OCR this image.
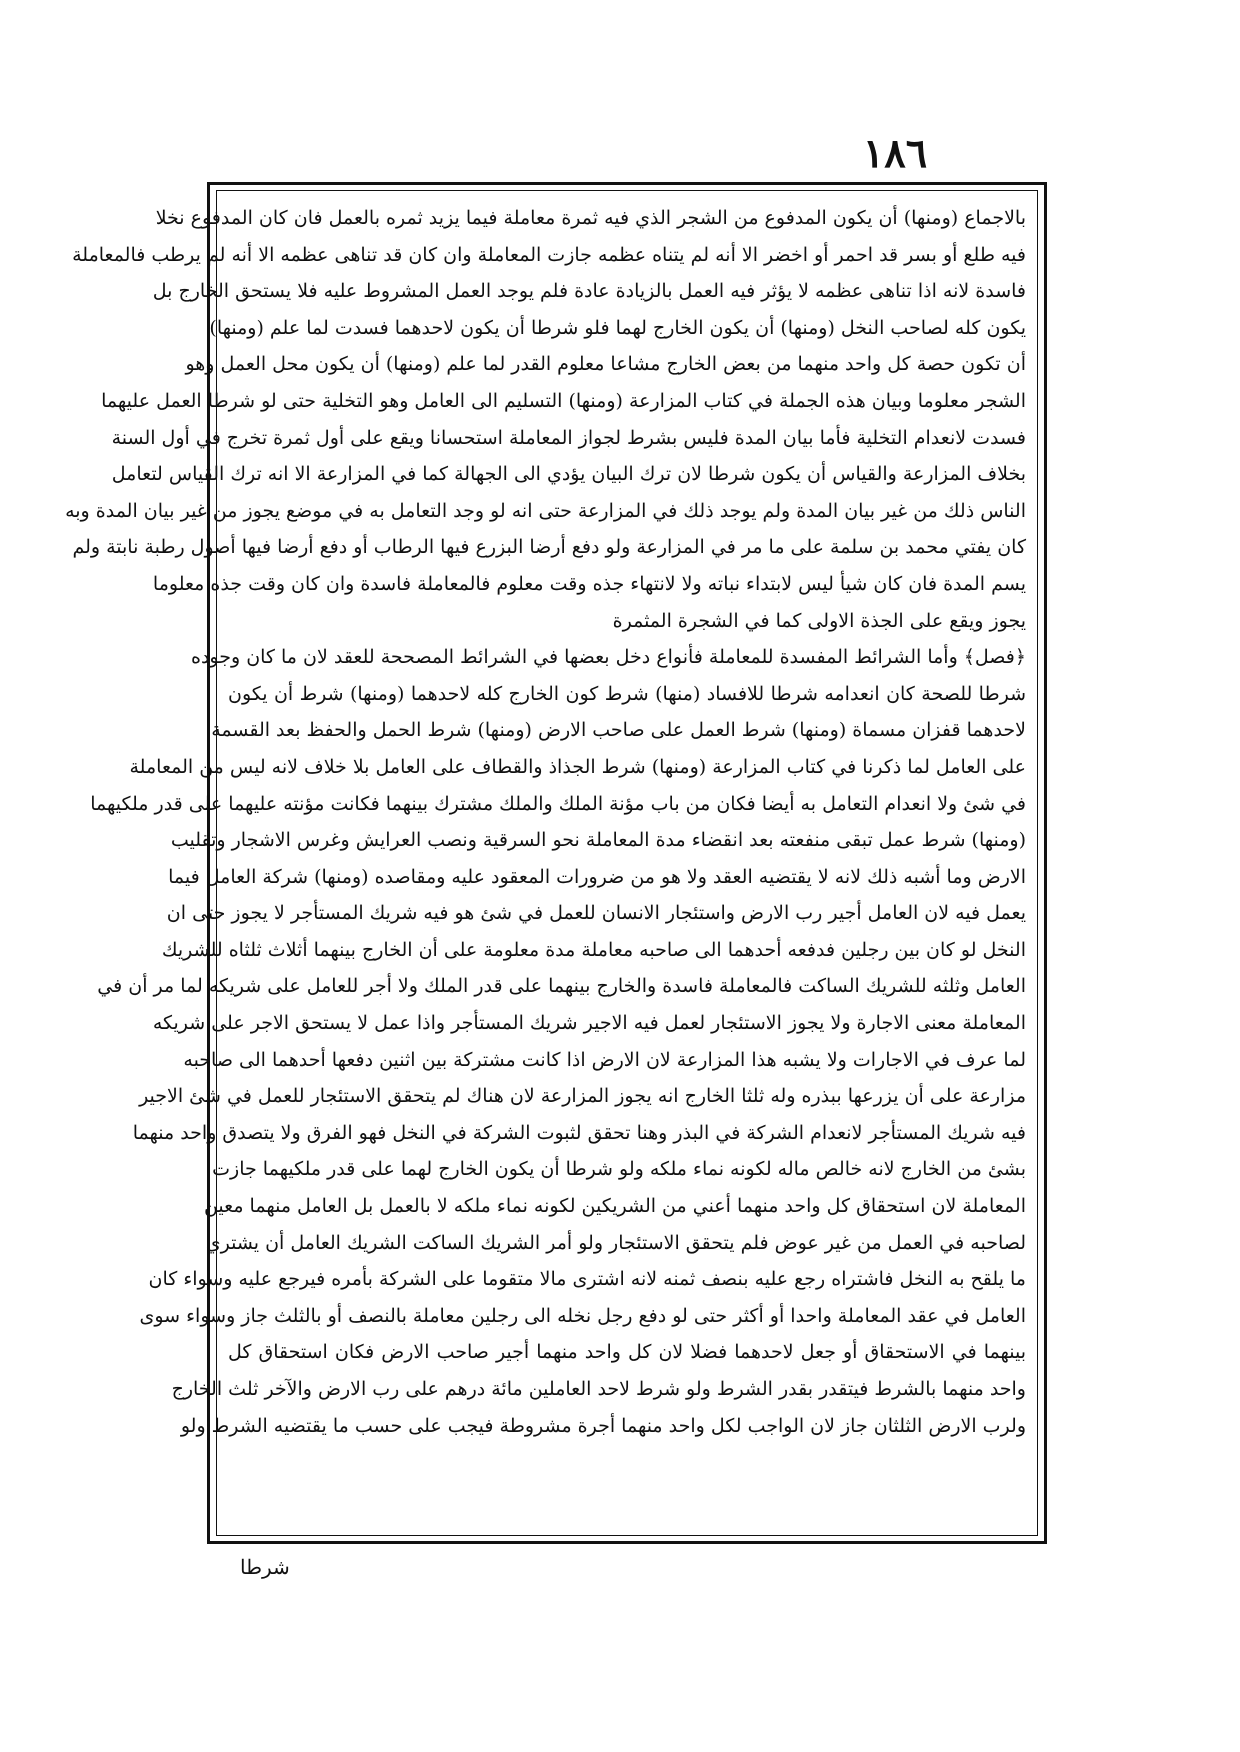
١٨٦
بالاجماع (ومنها) أن يكون المدفوع من الشجر الذي فيه ثمرة معاملة فيما يزيد ثمره بالعمل فان كان المدفوع نخلا
فيه طلع أو بسر قد احمر أو اخضر الا أنه لم يتناه عظمه جازت المعاملة وان كان قد تناهى عظمه الا أنه لم يرطب فالمعاملة
فاسدة لانه اذا تناهى عظمه لا يؤثر فيه العمل بالزيادة عادة فلم يوجد العمل المشروط عليه فلا يستحق الخارج بل
يكون كله لصاحب النخل (ومنها) أن يكون الخارج لهما فلو شرطا أن يكون لاحدهما فسدت لما علم (ومنها)
أن تكون حصة كل واحد منهما من بعض الخارج مشاعا معلوم القدر لما علم (ومنها) أن يكون محل العمل وهو
الشجر معلوما وبيان هذه الجملة في كتاب المزارعة (ومنها) التسليم الى العامل وهو التخلية حتى لو شرطا العمل عليهما
فسدت لانعدام التخلية فأما بيان المدة فليس بشرط لجواز المعاملة استحسانا ويقع على أول ثمرة تخرج في أول السنة
بخلاف المزارعة والقياس أن يكون شرطا لان ترك البيان يؤدي الى الجهالة كما في المزارعة الا انه ترك القياس لتعامل
الناس ذلك من غير بيان المدة ولم يوجد ذلك في المزارعة حتى انه لو وجد التعامل به في موضع يجوز من غير بيان المدة وبه
كان يفتي محمد بن سلمة على ما مر في المزارعة ولو دفع أرضا البزرع فيها الرطاب أو دفع أرضا فيها أصول رطبة نابتة ولم
يسم المدة فان كان شيأ ليس لابتداء نباته ولا لانتهاء جذه وقت معلوم فالمعاملة فاسدة وان كان وقت جذه معلوما
يجوز ويقع على الجذة الاولى كما في الشجرة المثمرة
﴿فصل﴾ وأما الشرائط المفسدة للمعاملة فأنواع دخل بعضها في الشرائط المصححة للعقد لان ما كان وجوده
شرطا للصحة كان انعدامه شرطا للافساد (منها) شرط كون الخارج كله لاحدهما (ومنها) شرط أن يكون
لاحدهما قفزان مسماة (ومنها) شرط العمل على صاحب الارض (ومنها) شرط الحمل والحفظ بعد القسمة
على العامل لما ذكرنا في كتاب المزارعة (ومنها) شرط الجذاذ والقطاف على العامل بلا خلاف لانه ليس من المعاملة
في شئ ولا انعدام التعامل به أيضا فكان من باب مؤنة الملك والملك مشترك بينهما فكانت مؤنته عليهما على قدر ملكيهما
(ومنها) شرط عمل تبقى منفعته بعد انقضاء مدة المعاملة نحو السرقية ونصب العرايش وغرس الاشجار وتقليب
الارض وما أشبه ذلك لانه لا يقتضيه العقد ولا هو من ضرورات المعقود عليه ومقاصده (ومنها) شركة العامل فيما
يعمل فيه لان العامل أجير رب الارض واستئجار الانسان للعمل في شئ هو فيه شريك المستأجر لا يجوز حتى ان
النخل لو كان بين رجلين فدفعه أحدهما الى صاحبه معاملة مدة معلومة على أن الخارج بينهما أثلاث ثلثاه للشريك
العامل وثلثه للشريك الساكت فالمعاملة فاسدة والخارج بينهما على قدر الملك ولا أجر للعامل على شريكه لما مر أن في
المعاملة معنى الاجارة ولا يجوز الاستئجار لعمل فيه الاجير شريك المستأجر واذا عمل لا يستحق الاجر على شريكه
لما عرف في الاجارات ولا يشبه هذا المزارعة لان الارض اذا كانت مشتركة بين اثنين دفعها أحدهما الى صاحبه
مزارعة على أن يزرعها ببذره وله ثلثا الخارج انه يجوز المزارعة لان هناك لم يتحقق الاستئجار للعمل في شئ الاجير
فيه شريك المستأجر لانعدام الشركة في البذر وهنا تحقق لثبوت الشركة في النخل فهو الفرق ولا يتصدق واحد منهما
بشئ من الخارج لانه خالص ماله لكونه نماء ملكه ولو شرطا أن يكون الخارج لهما على قدر ملكيهما جازت
المعاملة لان استحقاق كل واحد منهما أعني من الشريكين لكونه نماء ملكه لا بالعمل بل العامل منهما معين
لصاحبه في العمل من غير عوض فلم يتحقق الاستئجار ولو أمر الشريك الساكت الشريك العامل أن يشتري
ما يلقح به النخل فاشتراه رجع عليه بنصف ثمنه لانه اشترى مالا متقوما على الشركة بأمره فيرجع عليه وسواء كان
العامل في عقد المعاملة واحدا أو أكثر حتى لو دفع رجل نخله الى رجلين معاملة بالنصف أو بالثلث جاز وسواء سوى
بينهما في الاستحقاق أو جعل لاحدهما فضلا لان كل واحد منهما أجير صاحب الارض فكان استحقاق كل
واحد منهما بالشرط فيتقدر بقدر الشرط ولو شرط لاحد العاملين مائة درهم على رب الارض والآخر ثلث الخارج
ولرب الارض الثلثان جاز لان الواجب لكل واحد منهما أجرة مشروطة فيجب على حسب ما يقتضيه الشرط ولو
شرطا
